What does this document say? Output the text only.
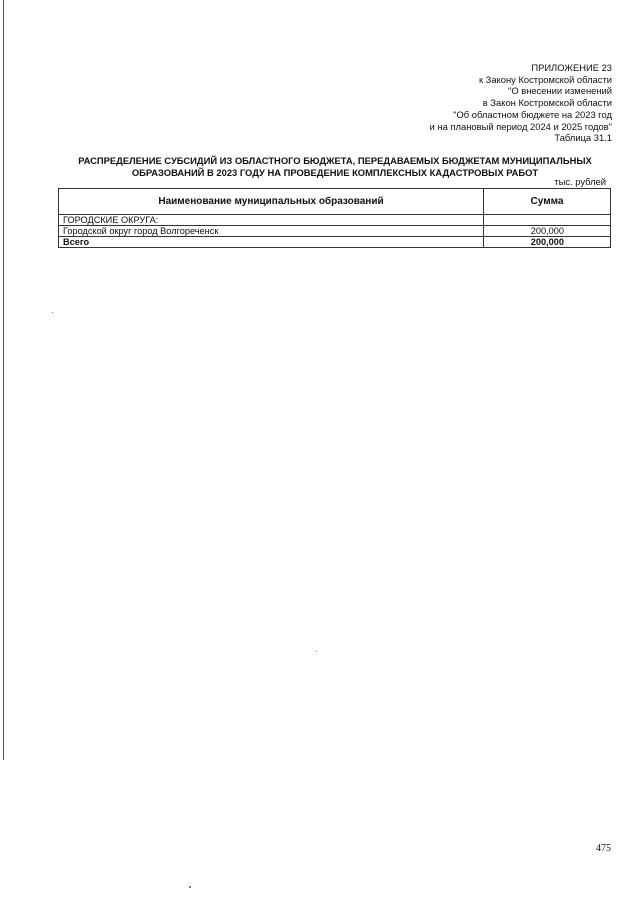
ПРИЛОЖЕНИЕ 23
к Закону Костромской области
"О внесении изменений
в Закон Костромской области
"Об областном бюджете на 2023 год
и на плановый период 2024 и 2025 годов"
Таблица 31.1
РАСПРЕДЕЛЕНИЕ СУБСИДИЙ ИЗ ОБЛАСТНОГО БЮДЖЕТА, ПЕРЕДАВАЕМЫХ БЮДЖЕТАМ МУНИЦИПАЛЬНЫХ
ОБРАЗОВАНИЙ В 2023 ГОДУ НА ПРОВЕДЕНИЕ КОМПЛЕКСНЫХ КАДАСТРОВЫХ РАБОТ
тыс. рублей
Наименование муниципальных образований	Сумма
ГОРОДСКИЕ ОКРУГА:	
Городской округ город Волгореченск	200,000
Всего	200,000
475
